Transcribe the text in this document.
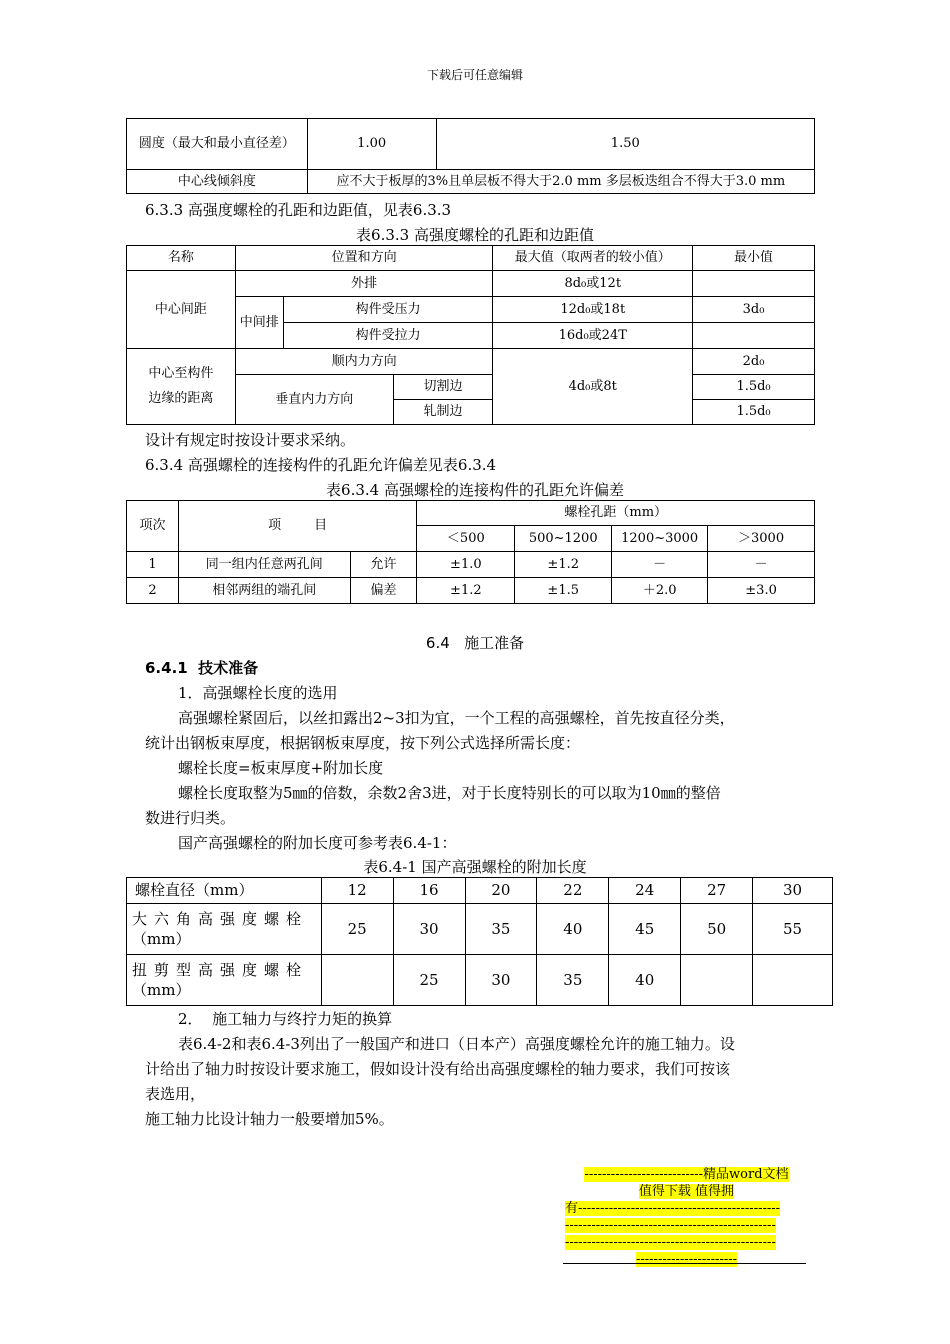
下载后可任意编辑
圆度（最大和最小直径差）	1.00	1.50
中心线倾斜度	应不大于板厚的3%且单层板不得大于2.0 mm 多层板迭组合不得大于3.0 mm	
6.3.3 高强度螺栓的孔距和边距值，见表6.3.3
表6.3.3 高强度螺栓的孔距和边距值
名称	位置和方向			最大值（取两者的较小值）	最小值
中心间距	外排			8d₀或12t	
	中间排	构件受压力		12d₀或18t	3d₀
		构件受拉力		16d₀或24T	

中心至构件
边缘的距离	顺内力方向			4d₀或8t	2d₀
	垂直内力方向		切割边		1.5d₀
			轧制边		1.5d₀
设计有规定时按设计要求采纳。
6.3.4 高强螺栓的连接构件的孔距允许偏差见表6.3.4
表6.3.4 高强螺栓的连接构件的孔距允许偏差
项次	项        目		螺栓孔距（mm）			
			＜500	500~1200	1200~3000	＞3000
1	同一组内任意两孔间	允许	±1.0	±1.2	－	－
2	相邻两组的端孔间	偏差	±1.2	±1.5	＋2.0	±3.0
6.4   施工准备
6.4.1  技术准备
1．高强螺栓长度的选用
高强螺栓紧固后，以丝扣露出2~3扣为宜，一个工程的高强螺栓，首先按直径分类，
统计出钢板束厚度，根据钢板束厚度，按下列公式选择所需长度：
螺栓长度=板束厚度+附加长度
螺栓长度取整为5㎜的倍数，余数2舍3进，对于长度特别长的可以取为10㎜的整倍
数进行归类。
国产高强螺栓的附加长度可参考表6.4-1：
表6.4-1 国产高强螺栓的附加长度
螺栓直径（mm）	12	16	20	22	24	27	30

大六角高强度螺栓
（mm）	25	30	35	40	45	50	55

扭剪型高强度螺栓
（mm）		25	30	35	40		
2．  施工轴力与终拧力矩的换算
表6.4-2和表6.4-3列出了一般国产和进口（日本产）高强度螺栓允许的施工轴力。设
计给出了轴力时按设计要求施工，假如设计没有给出高强度螺栓的轴力要求，我们可按该
表选用，
施工轴力比设计轴力一般要增加5%。
---------------------------精品word文档
值得下载 值得拥
有----------------------------------------------
------------------------------------------------
------------------------------------------------
-----------------------
